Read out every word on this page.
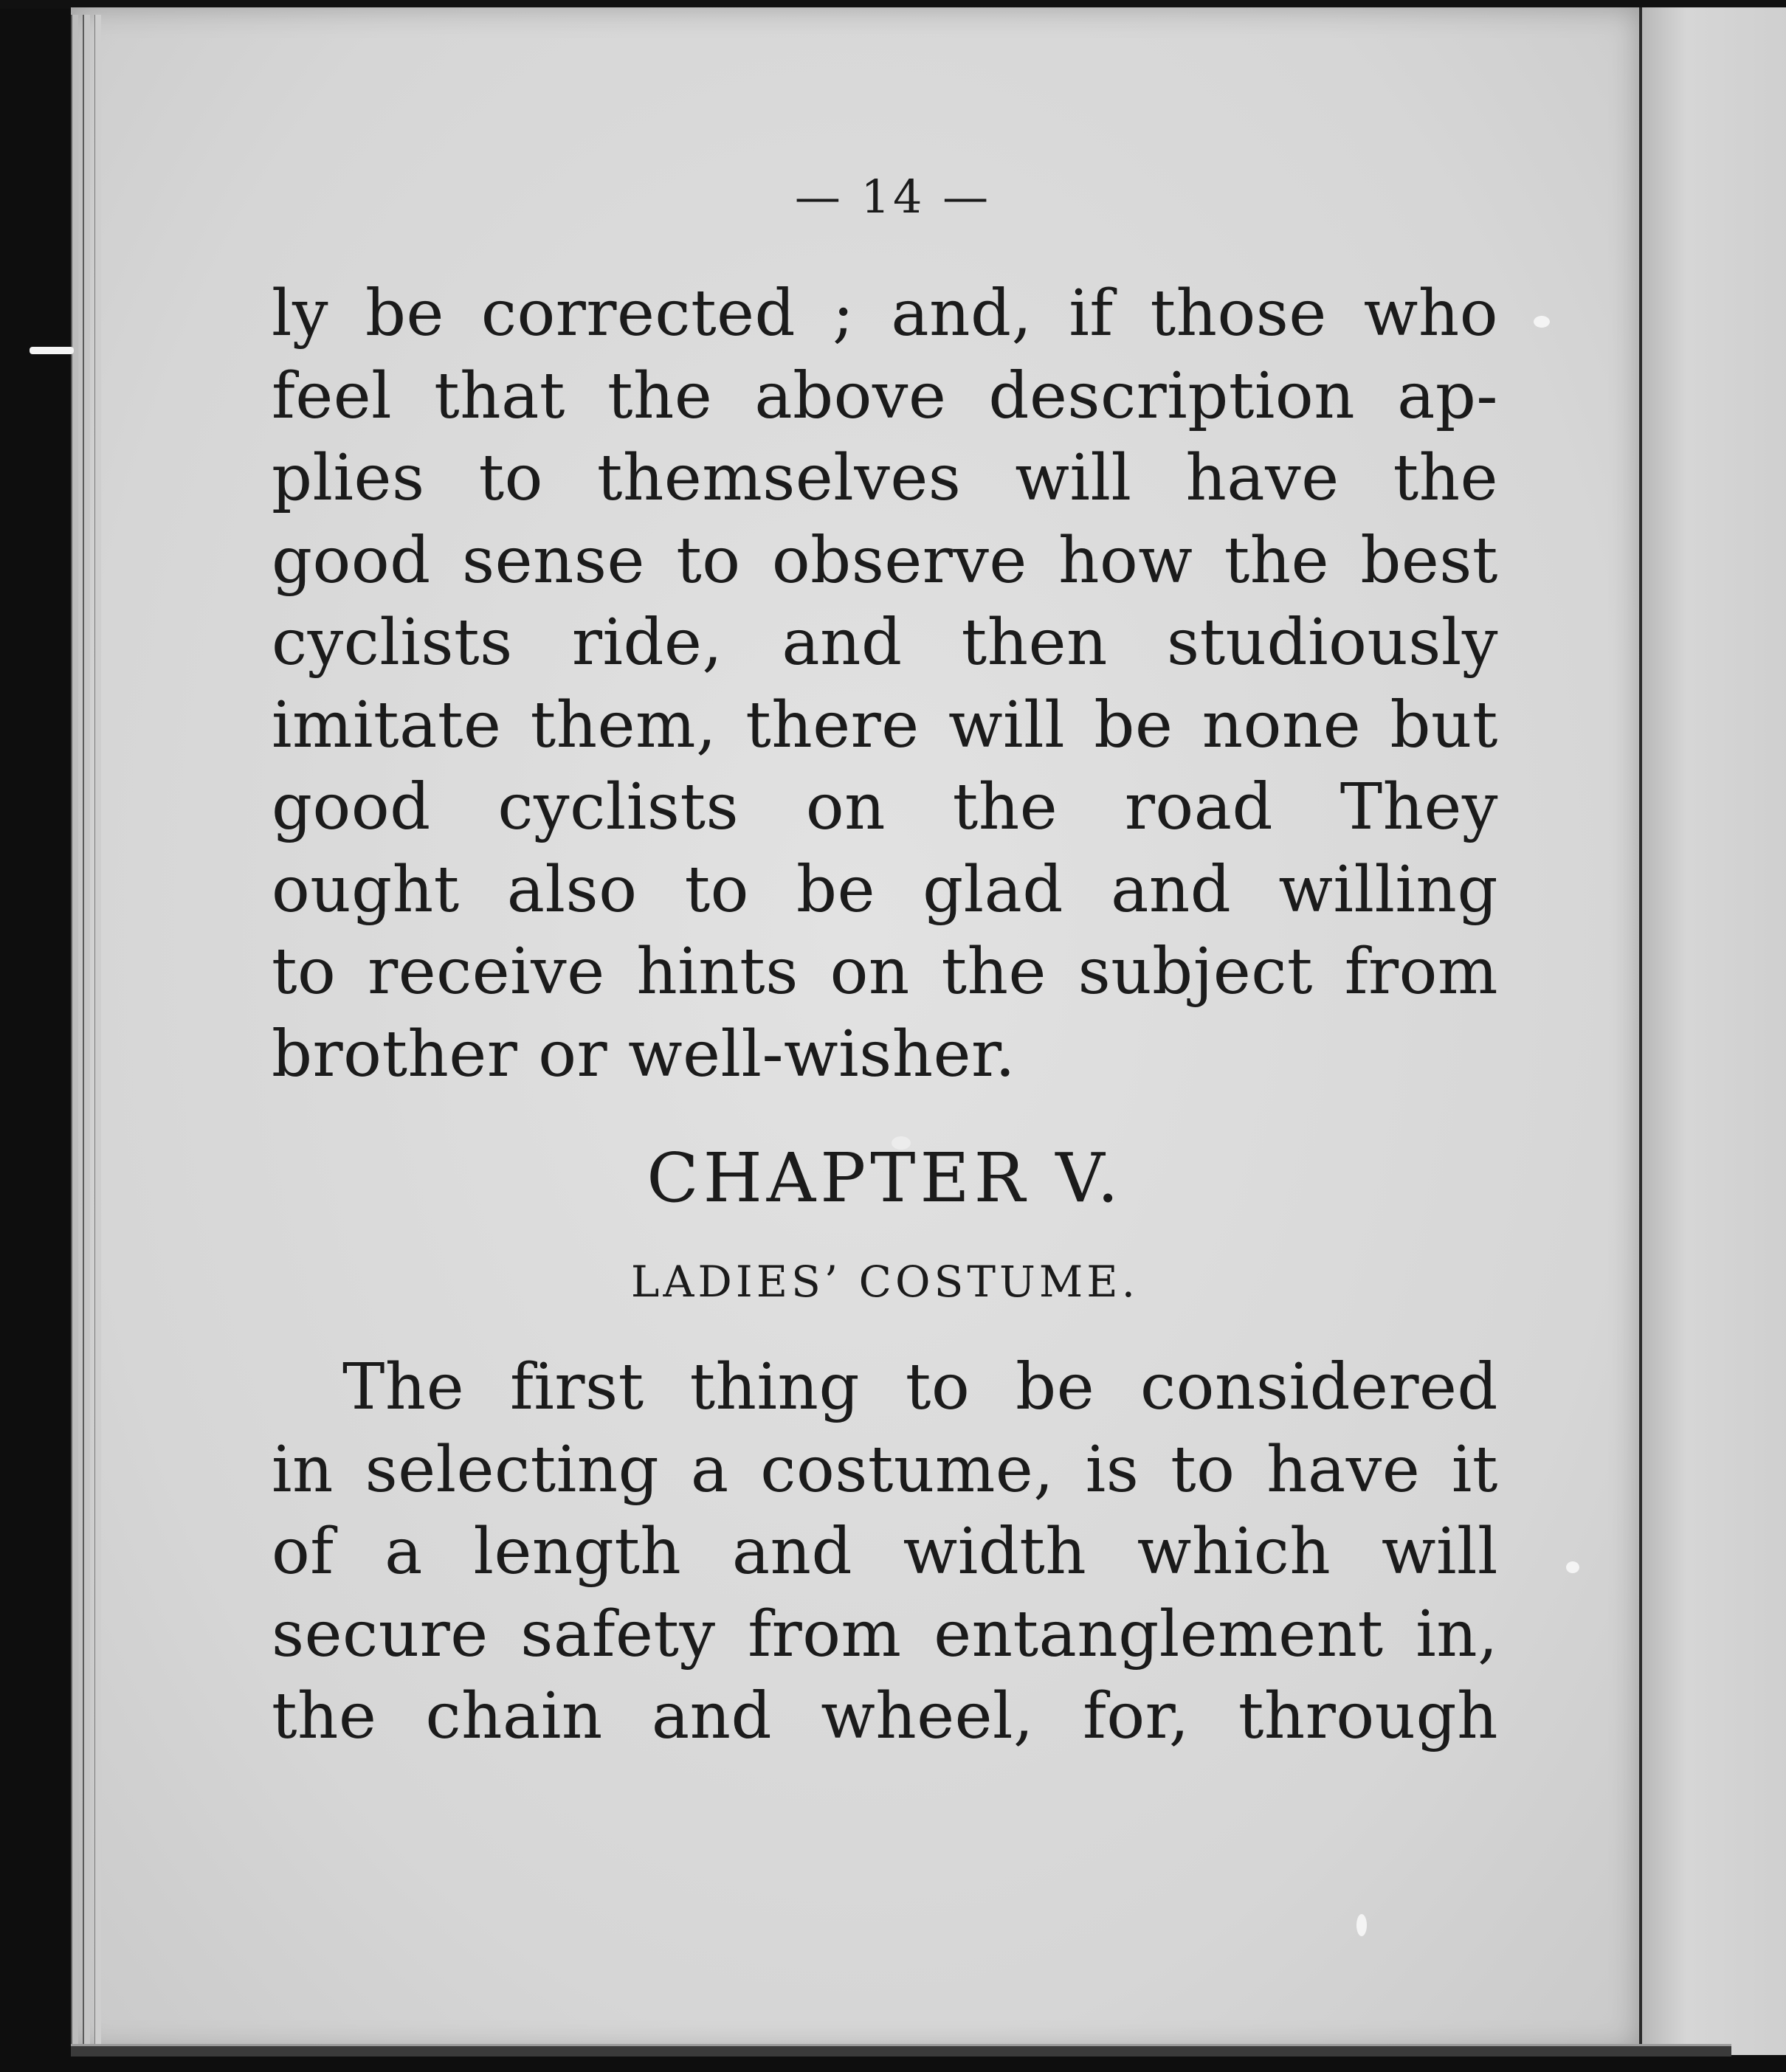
— 14 —

ly be corrected ; and, if those who
feel that the above description ap-
plies to themselves will have the
good sense to observe how the best
cyclists ride, and then studiously
imitate them, there will be none but
good cyclists on the road They
ought also to be glad and willing
to receive hints on the subject from
brother or well-wisher.

CHAPTER V.
LADIES’ COSTUME.

The first thing to be considered
in selecting a costume, is to have it
of a length and width which will
secure safety from entanglement in,
the chain and wheel, for, through
